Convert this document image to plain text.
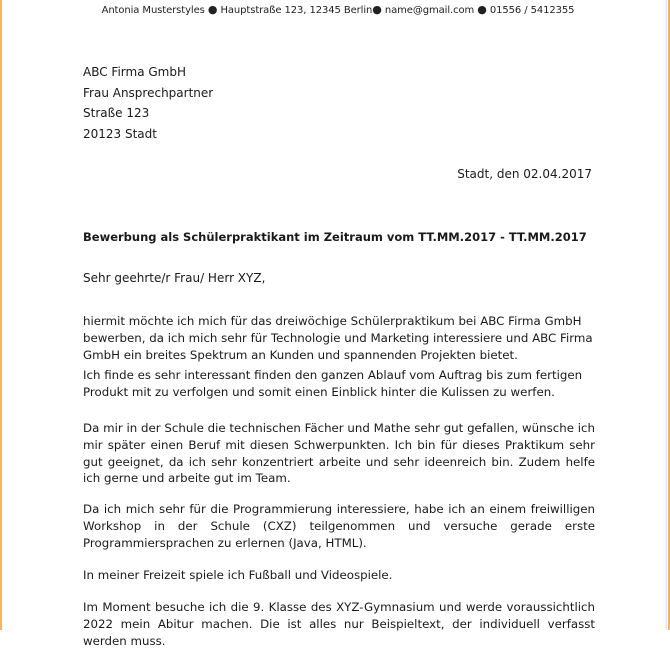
Antonia Musterstyles ● Hauptstraße 123, 12345 Berlin● name@gmail.com ● 01556 / 5412355
ABC Firma GmbH
Frau Ansprechpartner
Straße 123
20123 Stadt
Stadt, den 02.04.2017
Bewerbung als Schülerpraktikant im Zeitraum vom TT.MM.2017 - TT.MM.2017
Sehr geehrte/r Frau/ Herr XYZ,

hiermit möchte ich mich für das dreiwöchige Schülerpraktikum bei ABC Firma GmbH bewerben, da ich mich sehr für Technologie und Marketing interessiere und ABC Firma GmbH ein breites Spektrum an Kunden und spannenden Projekten bietet.

Ich finde es sehr interessant finden den ganzen Ablauf vom Auftrag bis zum fertigen Produkt mit zu verfolgen und somit einen Einblick hinter die Kulissen zu werfen.

Da mir in der Schule die technischen Fächer und Mathe sehr gut gefallen, wünsche ich mir später einen Beruf mit diesen Schwerpunkten. Ich bin für dieses Praktikum sehr gut geeignet, da ich sehr konzentriert arbeite und sehr ideenreich bin. Zudem helfe ich gerne und arbeite gut im Team.

Da ich mich sehr für die Programmierung interessiere, habe ich an einem freiwilligen Workshop in der Schule (CXZ) teilgenommen und versuche gerade erste Programmiersprachen zu erlernen (Java, HTML).

In meiner Freizeit spiele ich Fußball und Videospiele.

Im Moment besuche ich die 9. Klasse des XYZ-Gymnasium und werde voraussichtlich 2022 mein Abitur machen. Die ist alles nur Beispieltext, der individuell verfasst werden muss.
